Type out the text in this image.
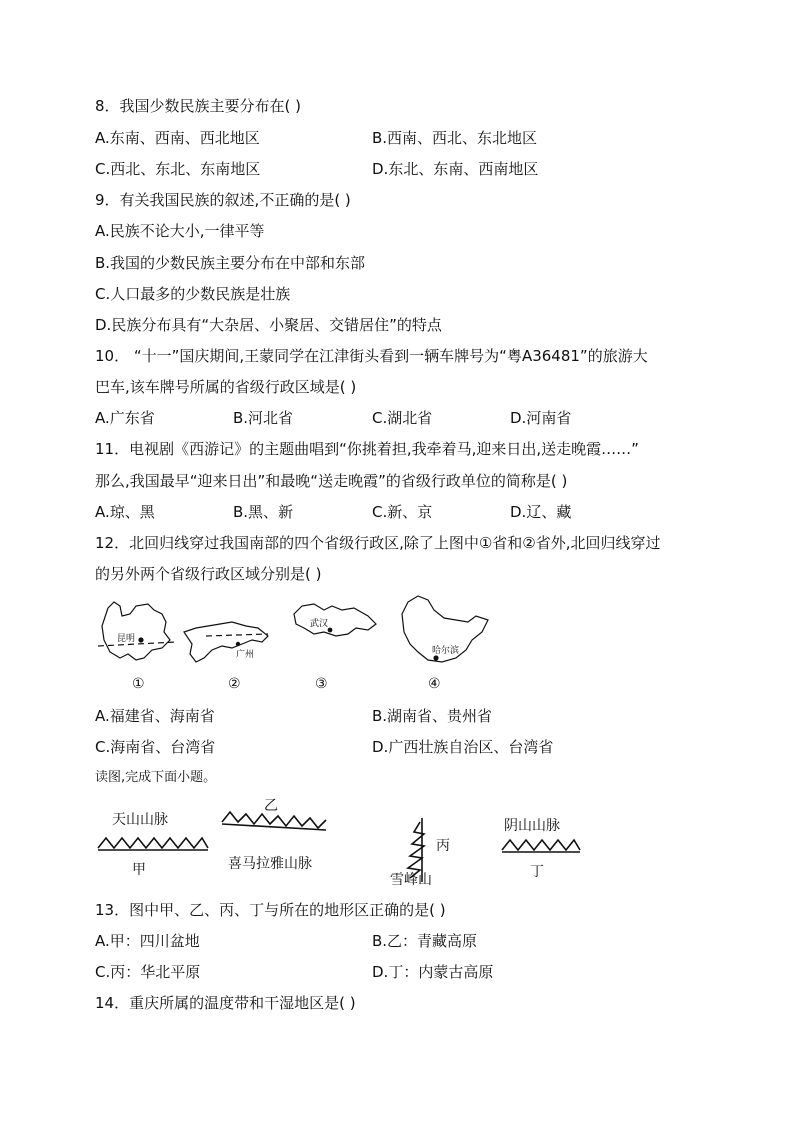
8．我国少数民族主要分布在( )
A.东南、西南、西北地区	B.西南、西北、东北地区
C.西北、东北、东南地区	D.东北、东南、西南地区
9．有关我国民族的叙述,不正确的是( )
A.民族不论大小,一律平等
B.我国的少数民族主要分布在中部和东部
C.人口最多的少数民族是壮族
D.民族分布具有“大杂居、小聚居、交错居住”的特点
10． “十一”国庆期间,王蒙同学在江津街头看到一辆车牌号为“粤A36481”的旅游大
巴车,该车牌号所属的省级行政区域是( )
A.广东省	B.河北省	C.湖北省	D.河南省
11．电视剧《西游记》的主题曲唱到“你挑着担,我牵着马,迎来日出,送走晚霞……”
那么,我国最早“迎来日出”和最晚“送走晚霞”的省级行政单位的简称是( )
A.琼、黑	B.黑、新	C.新、京	D.辽、藏
12．北回归线穿过我国南部的四个省级行政区,除了上图中①省和②省外,北回归线穿过
的另外两个省级行政区域分别是( )
昆明
广州
武汉
哈尔滨
①	②	③	④
A.福建省、海南省	B.湖南省、贵州省
C.海南省、台湾省	D.广西壮族自治区、台湾省
读图,完成下面小题。
天山山脉
甲
乙
喜马拉雅山脉
丙
雪峰山
阴山山脉
丁
13．图中甲、乙、丙、丁与所在的地形区正确的是( )
A.甲：四川盆地	B.乙：青藏高原
C.丙：华北平原	D.丁：内蒙古高原
14．重庆所属的温度带和干湿地区是( )
